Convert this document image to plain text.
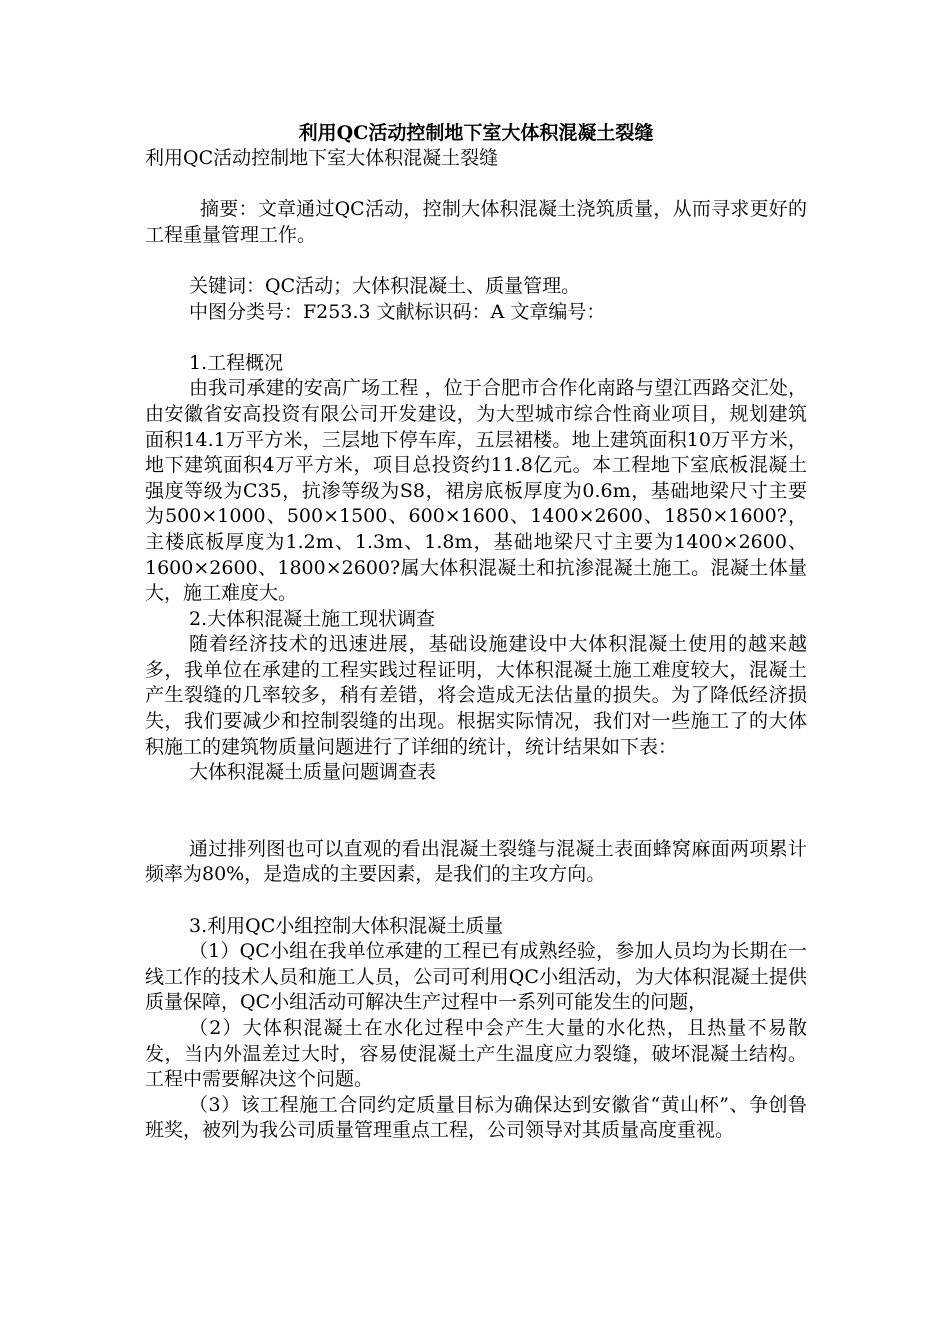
利用QC活动控制地下室大体积混凝土裂缝

利用QC活动控制地下室大体积混凝土裂缝

摘要：文章通过QC活动，控制大体积混凝土浇筑质量，从而寻求更好的工程重量管理工作。

关键词：QC活动；大体积混凝土、质量管理。

中图分类号：F253.3 文献标识码：A 文章编号：

1.工程概况

由我司承建的安高广场工程 ，位于合肥市合作化南路与望江西路交汇处，由安徽省安高投资有限公司开发建设，为大型城市综合性商业项目，规划建筑面积14.1万平方米，三层地下停车库，五层裙楼。地上建筑面积10万平方米，地下建筑面积4万平方米，项目总投资约11.8亿元。本工程地下室底板混凝土强度等级为C35，抗渗等级为S8，裙房底板厚度为0.6m，基础地梁尺寸主要为500×1000、500×1500、600×1600、1400×2600、1850×1600?，主楼底板厚度为1.2m、1.3m、1.8m，基础地梁尺寸主要为1400×2600、1600×2600、1800×2600?属大体积混凝土和抗渗混凝土施工。混凝土体量大，施工难度大。

2.大体积混凝土施工现状调查

随着经济技术的迅速进展，基础设施建设中大体积混凝土使用的越来越多，我单位在承建的工程实践过程证明，大体积混凝土施工难度较大，混凝土产生裂缝的几率较多，稍有差错，将会造成无法估量的损失。为了降低经济损失，我们要减少和控制裂缝的出现。根据实际情况，我们对一些施工了的大体积施工的建筑物质量问题进行了详细的统计，统计结果如下表：

大体积混凝土质量问题调查表

通过排列图也可以直观的看出混凝土裂缝与混凝土表面蜂窝麻面两项累计频率为80%，是造成的主要因素，是我们的主攻方向。

3.利用QC小组控制大体积混凝土质量

（1）QC小组在我单位承建的工程已有成熟经验，参加人员均为长期在一线工作的技术人员和施工人员，公司可利用QC小组活动，为大体积混凝土提供质量保障，QC小组活动可解决生产过程中一系列可能发生的问题，

（2）大体积混凝土在水化过程中会产生大量的水化热，且热量不易散发，当内外温差过大时，容易使混凝土产生温度应力裂缝，破坏混凝土结构。工程中需要解决这个问题。

（3）该工程施工合同约定质量目标为确保达到安徽省“黄山杯”、争创鲁班奖，被列为我公司质量管理重点工程，公司领导对其质量高度重视。
